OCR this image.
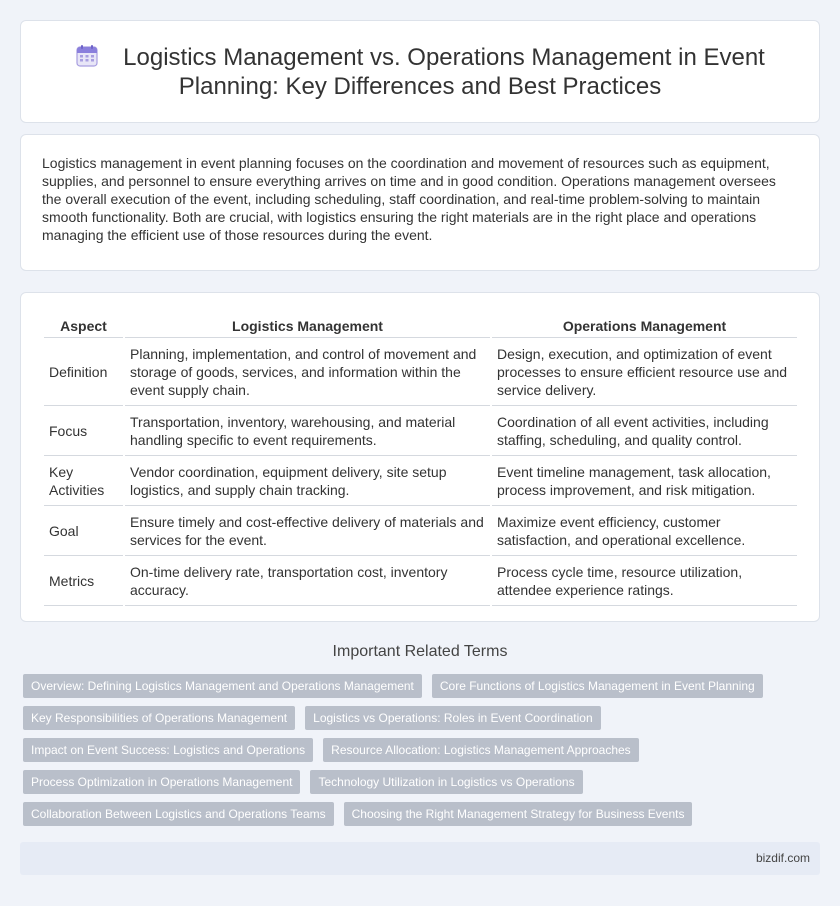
Logistics Management vs. Operations Management in Event Planning: Key Differences and Best Practices

Logistics management in event planning focuses on the coordination and movement of resources such as equipment, supplies, and personnel to ensure everything arrives on time and in good condition. Operations management oversees the overall execution of the event, including scheduling, staff coordination, and real-time problem-solving to maintain smooth functionality. Both are crucial, with logistics ensuring the right materials are in the right place and operations managing the efficient use of those resources during the event.

Aspect	Logistics Management	Operations Management
Definition	Planning, implementation, and control of movement and storage of goods, services, and information within the event supply chain.	Design, execution, and optimization of event processes to ensure efficient resource use and service delivery.
Focus	Transportation, inventory, warehousing, and material handling specific to event requirements.	Coordination of all event activities, including staffing, scheduling, and quality control.
Key Activities	Vendor coordination, equipment delivery, site setup logistics, and supply chain tracking.	Event timeline management, task allocation, process improvement, and risk mitigation.
Goal	Ensure timely and cost-effective delivery of materials and services for the event.	Maximize event efficiency, customer satisfaction, and operational excellence.
Metrics	On-time delivery rate, transportation cost, inventory accuracy.	Process cycle time, resource utilization, attendee experience ratings.
Important Related Terms
Overview: Defining Logistics Management and Operations Management	Core Functions of Logistics Management in Event Planning
Key Responsibilities of Operations Management	Logistics vs Operations: Roles in Event Coordination
Impact on Event Success: Logistics and Operations	Resource Allocation: Logistics Management Approaches
Process Optimization in Operations Management	Technology Utilization in Logistics vs Operations
Collaboration Between Logistics and Operations Teams	Choosing the Right Management Strategy for Business Events
bizdif.com
